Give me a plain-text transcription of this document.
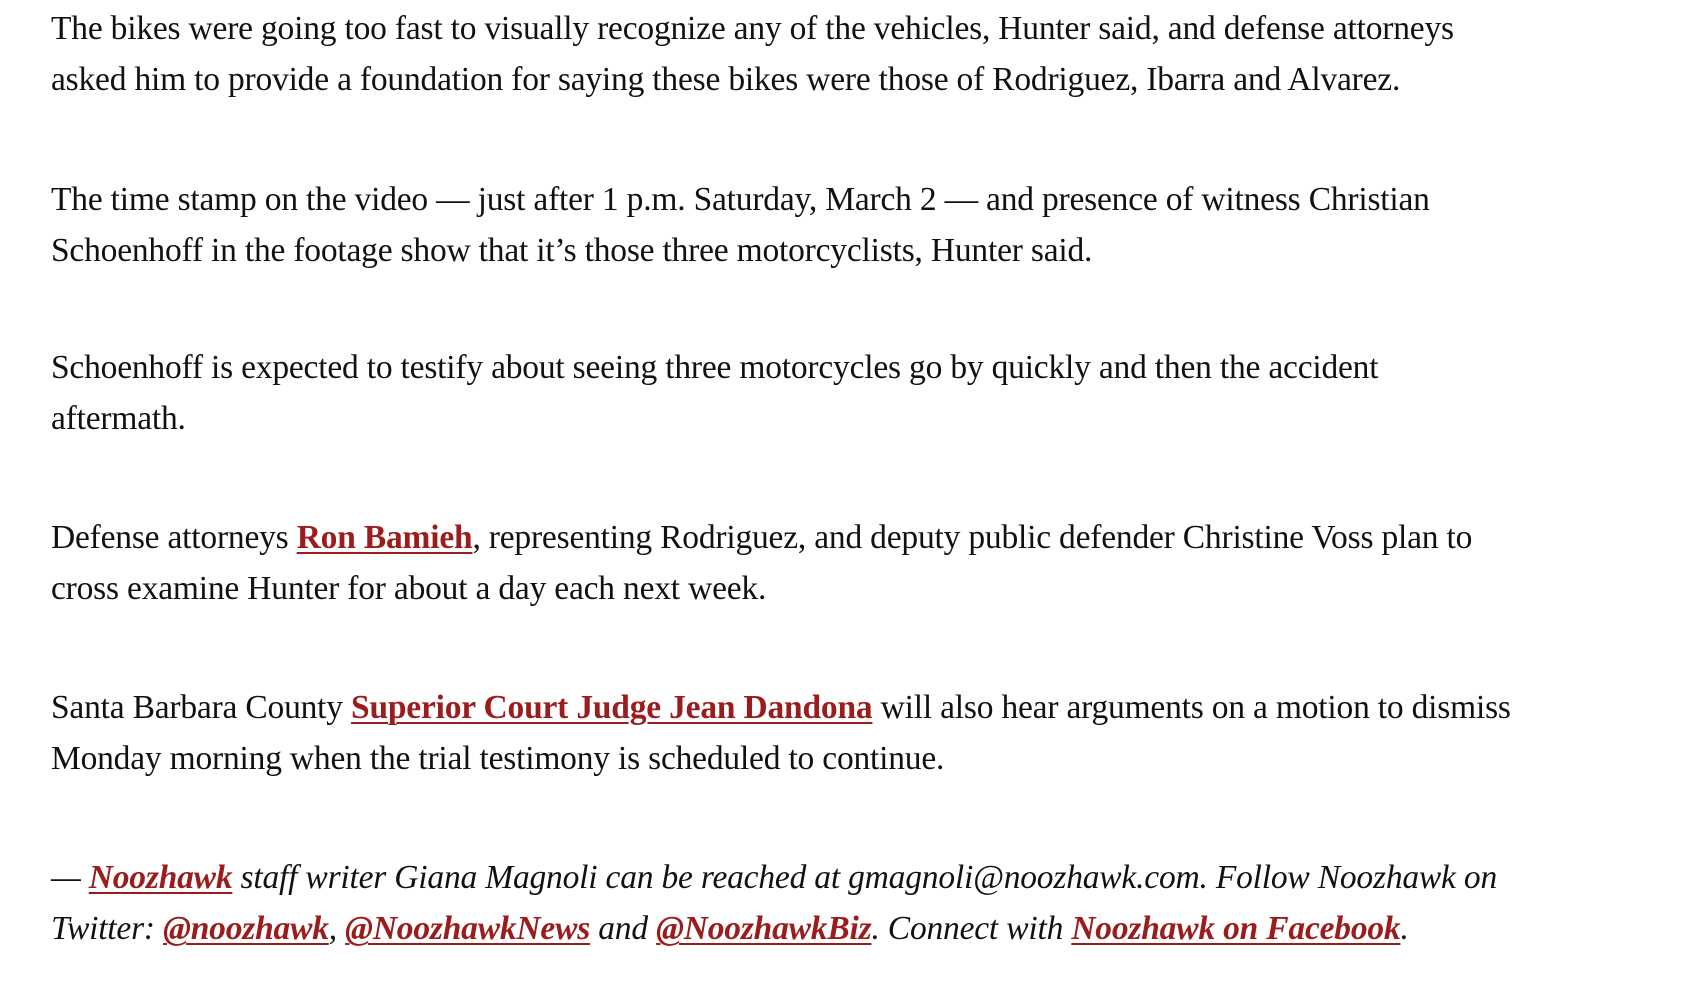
The bikes were going too fast to visually recognize any of the vehicles, Hunter said, and defense attorneys
asked him to provide a foundation for saying these bikes were those of Rodriguez, Ibarra and Alvarez.

The time stamp on the video — just after 1 p.m. Saturday, March 2 — and presence of witness Christian
Schoenhoff in the footage show that it’s those three motorcyclists, Hunter said.

Schoenhoff is expected to testify about seeing three motorcycles go by quickly and then the accident
aftermath.

Defense attorneys Ron Bamieh, representing Rodriguez, and deputy public defender Christine Voss plan to
cross examine Hunter for about a day each next week.

Santa Barbara County Superior Court Judge Jean Dandona will also hear arguments on a motion to dismiss
Monday morning when the trial testimony is scheduled to continue.

— Noozhawk staff writer Giana Magnoli can be reached at gmagnoli@noozhawk.com. Follow Noozhawk on
Twitter: @noozhawk, @NoozhawkNews and @NoozhawkBiz. Connect with Noozhawk on Facebook.
